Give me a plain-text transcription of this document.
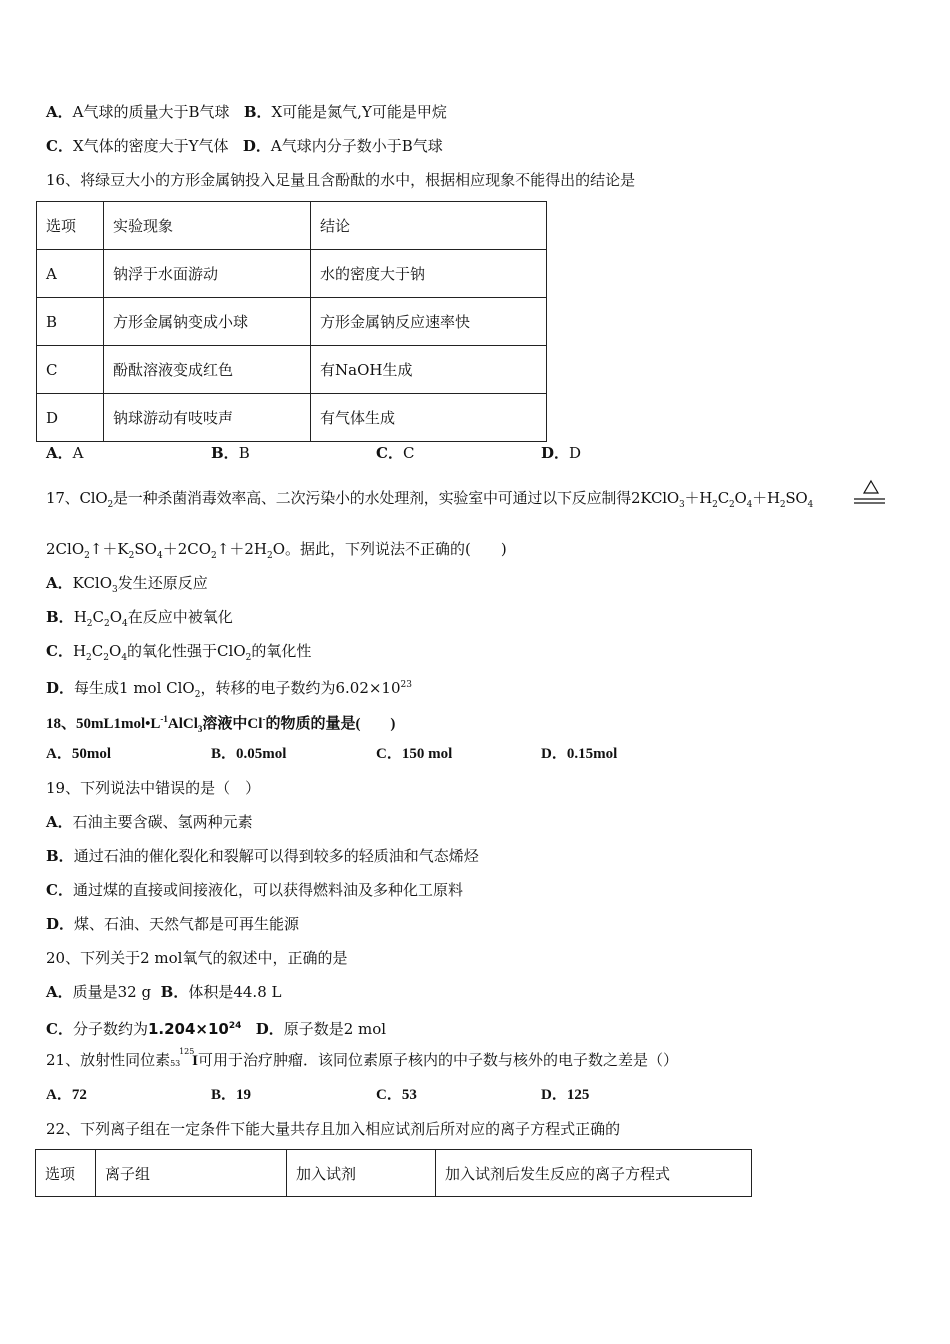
A．A气球的质量大于B气球 B．X可能是氮气,Y可能是甲烷
C．X气体的密度大于Y气体 D．A气球内分子数小于B气球
16、将绿豆大小的方形金属钠投入足量且含酚酞的水中，根据相应现象不能得出的结论是
选项	实验现象	结论
A	钠浮于水面游动	水的密度大于钠
B	方形金属钠变成小球	方形金属钠反应速率快
C	酚酞溶液变成红色	有NaOH生成
D	钠球游动有吱吱声	有气体生成
A．A	B．B	C．C	D．D
17、ClO$_2$是一种杀菌消毒效率高、二次污染小的水处理剂，实验室中可通过以下反应制得$2KClO_3+H_2C_2O_4+H_2SO_4$
$2ClO_2↑+K_2SO_4+2CO_2↑+2H_2O$。据此，下列说法不正确的(　　)
A．KClO$_3$发生还原反应
B．$H_2C_2O_4$在反应中被氧化
C．$H_2C_2O_4$的氧化性强于ClO$_2$的氧化性
D．每生成1 mol ClO$_2$，转移的电子数约为$6.02\times 10^{23}$
18、$50mL1mol•L^{-1}AlCl_3$溶液中Cl-的物质的量是(　　)
A．50mol	B．0.05mol	C．150 mol	D．0.15mol
19、下列说法中错误的是（　）
A．石油主要含碳、氢两种元素
B．通过石油的催化裂化和裂解可以得到较多的轻质油和气态烯烃
C．通过煤的直接或间接液化，可以获得燃料油及多种化工原料
D．煤、石油、天然气都是可再生能源
20、下列关于2 mol氧气的叙述中，正确的是
A．质量是32 g B．体积是44.8 L
C．分子数约为$1.204\times 10^{24}$ D．原子数是2 mol
21、放射性同位素 53
125
I可用于治疗肿瘤．该同位素原子核内的中子数与核外的电子数之差是（）
A．72	B．19	C．53	D．125
22、下列离子组在一定条件下能大量共存且加入相应试剂后所对应的离子方程式正确的
选项	离子组	加入试剂	加入试剂后发生反应的离子方程式
